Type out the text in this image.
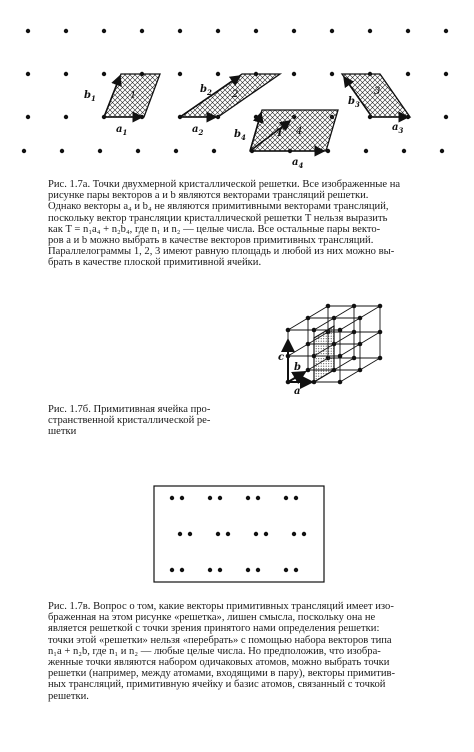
$b_1$
$a_1$
1
$b_2$
$a_2$
2
$b_3$
$a_3$
3
$b_4$
$a_4$
T 4
Рис. 1.7а. Точки двухмерной кристаллической решетки. Все изображенные на
рисунке пары векторов a и b являются векторами трансляций решетки.
Однако векторы a₄ и b₄ не являются примитивными векторами трансляций,
поскольку вектор трансляции кристаллической решетки T нельзя выразить
как T = n₁a₄ + n₂b₄, где n₁ и n₂ — целые числа. Все остальные пары векто-
ров a и b можно выбрать в качестве векторов примитивных трансляций.
Параллелограммы 1, 2, 3 имеют равную площадь и любой из них можно вы-
брать в качестве плоской примитивной ячейки.
a
b
c
Рис. 1.7б. Примитивная ячейка про-
странственной кристаллической ре-
шетки
Рис. 1.7в. Вопрос о том, какие векторы примитивных трансляций имеет изо-
браженная на этом рисунке «решетка», лишен смысла, поскольку она не
является решеткой с точки зрения принятого нами определения решетки:
точки этой «решетки» нельзя «перебрать» с помощью набора векторов типа
n₁a + n₂b, где n₁ и n₂ — любые целые числа. Но предположив, что изобра-
женные точки являются набором одичаковых атомов, можно выбрать точки
решетки (например, между атомами, входящими в пару), векторы примитив-
ных трансляций, примитивную ячейку и базис атомов, связанный с точкой
решетки.
